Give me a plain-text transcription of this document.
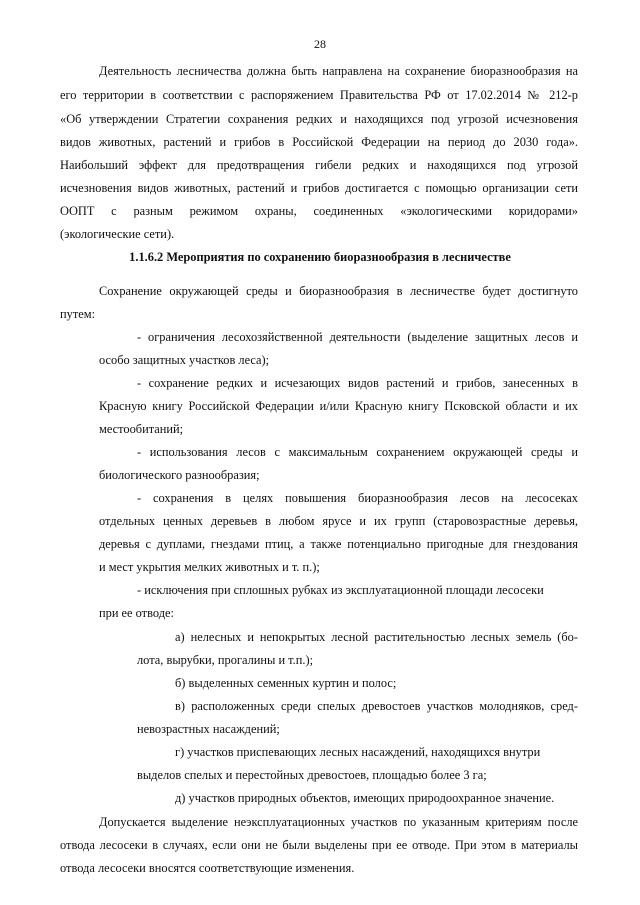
28
Деятельность лесничества должна быть направлена на сохранение биоразнообразия на
его территории в соответствии с распоряжением Правительства РФ от 17.02.2014 № 212-р
«Об утверждении Стратегии сохранения редких и находящихся под угрозой исчезновения
видов животных, растений и грибов в Российской Федерации на период до 2030 года».
Наибольший эффект для предотвращения гибели редких и находящихся под угрозой
исчезновения видов животных, растений и грибов достигается с помощью организации сети
ООПТ с разным режимом охраны, соединенных «экологическими коридорами»
(экологические сети).
1.1.6.2 Мероприятия по сохранению биоразнообразия в лесничестве
Сохранение окружающей среды и биоразнообразия в лесничестве будет достигнуто
путем:
- ограничения лесохозяйственной деятельности (выделение защитных лесов и
особо защитных участков леса);
- сохранение редких и исчезающих видов растений и грибов, занесенных в
Красную книгу Российской Федерации и/или Красную книгу Псковской области и их
местообитаний;
- использования лесов с максимальным сохранением окружающей среды и
биологического разнообразия;
- сохранения в целях повышения биоразнообразия лесов на лесосеках
отдельных ценных деревьев в любом ярусе и их групп (старовозрастные деревья,
деревья с дуплами, гнездами птиц, а также потенциально пригодные для гнездования
и мест укрытия мелких животных и т. п.);
- исключения при сплошных рубках из эксплуатационной площади лесосеки
при ее отводе:
а) нелесных и непокрытых лесной растительностью лесных земель (бо-
лота, вырубки, прогалины и т.п.);
б) выделенных семенных куртин и полос;
в) расположенных среди спелых древостоев участков молодняков, сред-
невозрастных насаждений;
г) участков приспевающих лесных насаждений, находящихся внутри
выделов спелых и перестойных древостоев, площадью более 3 га;
д) участков природных объектов, имеющих природоохранное значение.
Допускается выделение неэксплуатационных участков по указанным критериям после
отвода лесосеки в случаях, если они не были выделены при ее отводе. При этом в материалы
отвода лесосеки вносятся соответствующие изменения.
